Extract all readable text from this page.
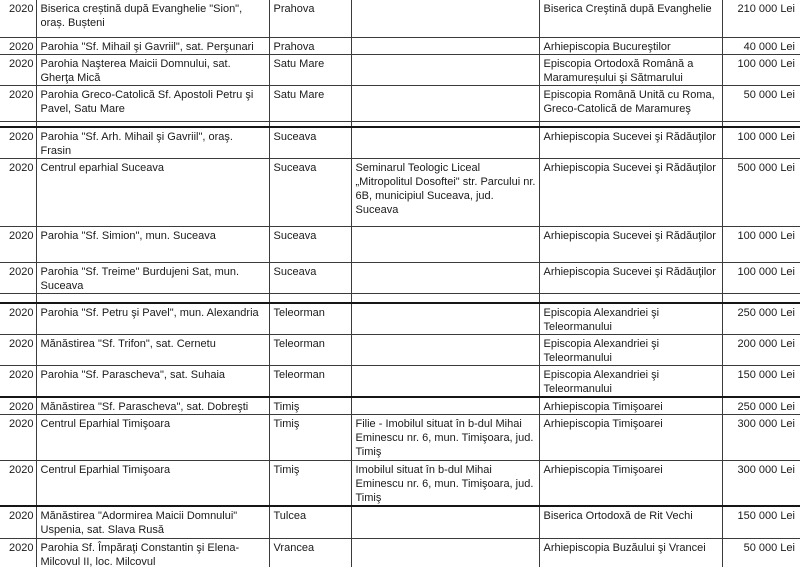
2020	Biserica creștină după Evanghelie "Sion", oraș. Bușteni	Prahova		Biserica Creştină după Evanghelie	210 000 Lei
2020	Parohia "Sf. Mihail şi Gavriil", sat. Perşunari	Prahova		Arhiepiscopia Bucureştilor	40 000 Lei
2020	Parohia Naşterea Maicii Domnului, sat. Gherţa Mică	Satu Mare		Episcopia Ortodoxă Română a Maramureșului şi Sătmarului	100 000 Lei
2020	Parohia Greco-Catolică Sf. Apostoli Petru şi Pavel, Satu Mare	Satu Mare		Episcopia Română Unită cu Roma, Greco-Catolică de Maramureş	50 000 Lei

2020	Parohia "Sf. Arh. Mihail şi Gavriil", oraş. Frasin	Suceava		Arhiepiscopia Sucevei şi Rădăuţilor	100 000 Lei
2020	Centrul eparhial Suceava	Suceava	Seminarul Teologic Liceal „Mitropolitul Dosoftei" str. Parcului nr. 6B, municipiul Suceava, jud. Suceava	Arhiepiscopia Sucevei şi Rădăuţilor	500 000 Lei
2020	Parohia "Sf. Simion", mun. Suceava	Suceava		Arhiepiscopia Sucevei şi Rădăuţilor	100 000 Lei
2020	Parohia "Sf. Treime" Burdujeni Sat, mun. Suceava	Suceava		Arhiepiscopia Sucevei şi Rădăuţilor	100 000 Lei

2020	Parohia "Sf. Petru şi Pavel", mun. Alexandria	Teleorman		Episcopia Alexandriei şi Teleormanului	250 000 Lei
2020	Mănăstirea "Sf. Trifon", sat. Cernetu	Teleorman		Episcopia Alexandriei şi Teleormanului	200 000 Lei
2020	Parohia "Sf. Parascheva", sat. Suhaia	Teleorman		Episcopia Alexandriei şi Teleormanului	150 000 Lei
2020	Mănăstirea "Sf. Parascheva", sat. Dobreşti	Timiş		Arhiepiscopia Timişoarei	250 000 Lei
2020	Centrul Eparhial Timişoara	Timiş	Filie - Imobilul situat în b-dul Mihai Eminescu nr. 6, mun. Timişoara, jud. Timiş	Arhiepiscopia Timişoarei	300 000 Lei
2020	Centrul Eparhial Timişoara	Timiş	Imobilul situat în b-dul Mihai Eminescu nr. 6, mun. Timişoara, jud. Timiş	Arhiepiscopia Timişoarei	300 000 Lei
2020	Mănăstirea "Adormirea Maicii Domnului" Uspenia, sat. Slava Rusă	Tulcea		Biserica Ortodoxă de Rit Vechi	150 000 Lei
2020	Parohia Sf. Împăraţi Constantin şi Elena- Milcovul II, loc. Milcovul	Vrancea		Arhiepiscopia Buzăului şi Vrancei	50 000 Lei
